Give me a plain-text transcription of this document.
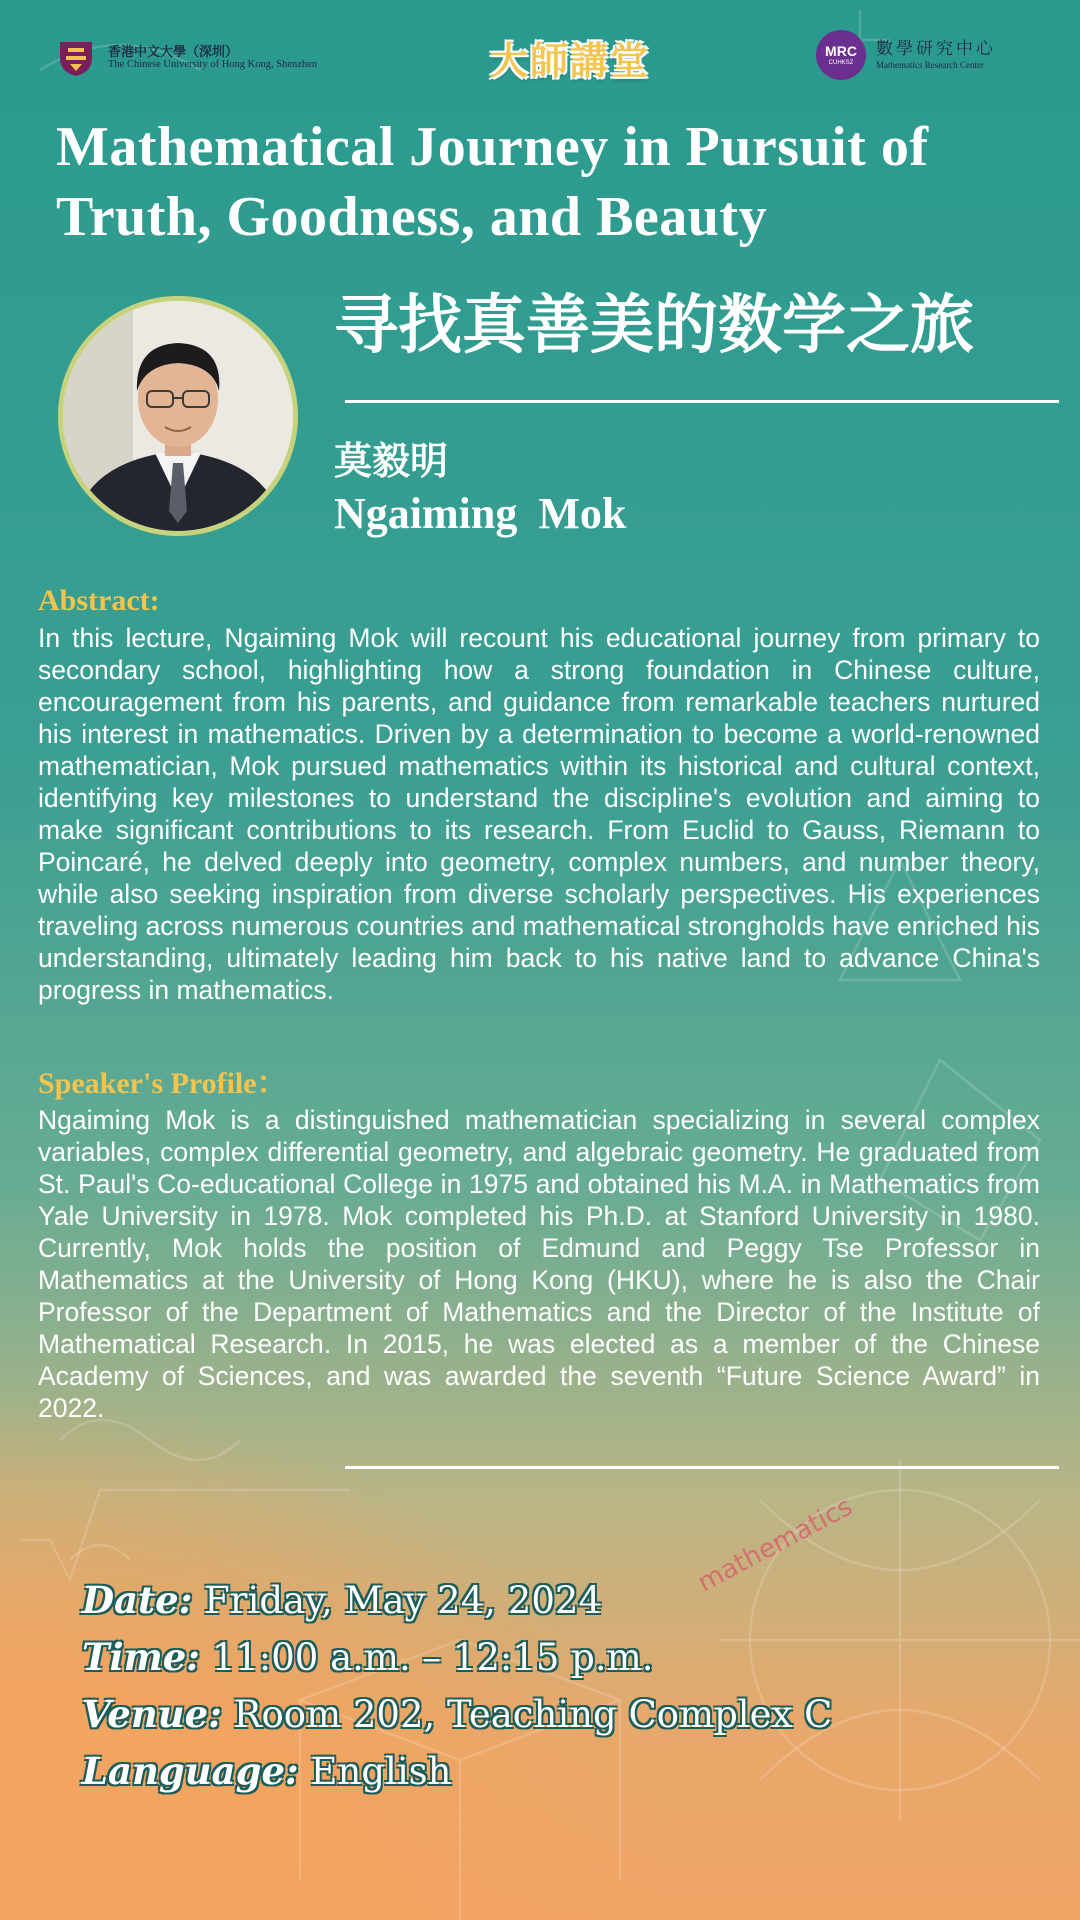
mathematics
香港中文大學（深圳）
The Chinese University of Hong Kong, Shenzhen	大師講堂	MRC
CUHKSZ
數學研究中心
Mathematics Research Center
Mathematical Journey in Pursuit of Truth, Goodness, and Beauty
寻找真善美的数学之旅
莫毅明
Ngaiming Mok
Abstract:
In this lecture, Ngaiming Mok will recount his educational journey from primary to secondary school, highlighting how a strong foundation in Chinese culture, encouragement from his parents, and guidance from remarkable teachers nurtured his interest in mathematics. Driven by a determination to become a world-renowned mathematician, Mok pursued mathematics within its historical and cultural context, identifying key milestones to understand the discipline's evolution and aiming to make significant contributions to its research. From Euclid to Gauss, Riemann to Poincaré, he delved deeply into geometry, complex numbers, and number theory, while also seeking inspiration from diverse scholarly perspectives. His experiences traveling across numerous countries and mathematical strongholds have enriched his understanding, ultimately leading him back to his native land to advance China's progress in mathematics.
Speaker's Profile：
Ngaiming Mok is a distinguished mathematician specializing in several complex variables, complex differential geometry, and algebraic geometry. He graduated from St. Paul's Co-educational College in 1975 and obtained his M.A. in Mathematics from Yale University in 1978. Mok completed his Ph.D. at Stanford University in 1980. Currently, Mok holds the position of Edmund and Peggy Tse Professor in Mathematics at the University of Hong Kong (HKU), where he is also the Chair Professor of the Department of Mathematics and the Director of the Institute of Mathematical Research. In 2015, he was elected as a member of the Chinese Academy of Sciences, and was awarded the seventh “Future Science Award” in 2022.
Date: Friday, May 24, 2024
Time: 11:00 a.m. – 12:15 p.m.
Venue: Room 202, Teaching Complex C
Language: English
